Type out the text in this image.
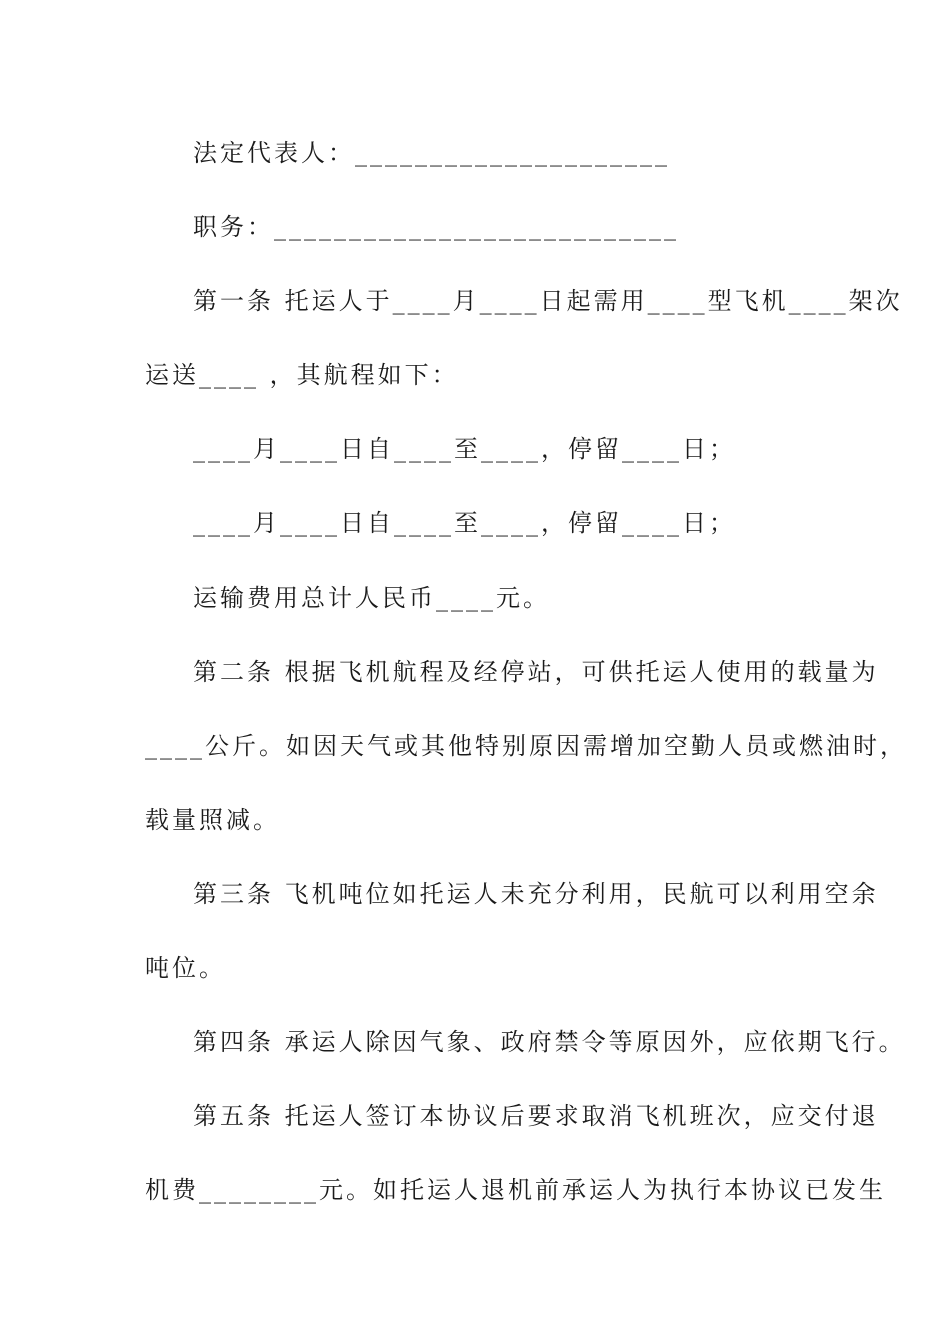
法定代表人：_____________________
职务：___________________________
第一条 托运人于____月____日起需用____型飞机____架次
运送____ ，其航程如下：
____月____日自____至____，停留____日；
____月____日自____至____，停留____日；
运输费用总计人民币____元。
第二条 根据飞机航程及经停站，可供托运人使用的载量为
____公斤。如因天气或其他特别原因需增加空勤人员或燃油时，
载量照减。
第三条 飞机吨位如托运人未充分利用，民航可以利用空余
吨位。
第四条 承运人除因气象、政府禁令等原因外，应依期飞行。
第五条 托运人签订本协议后要求取消飞机班次，应交付退
机费________元。如托运人退机前承运人为执行本协议已发生
